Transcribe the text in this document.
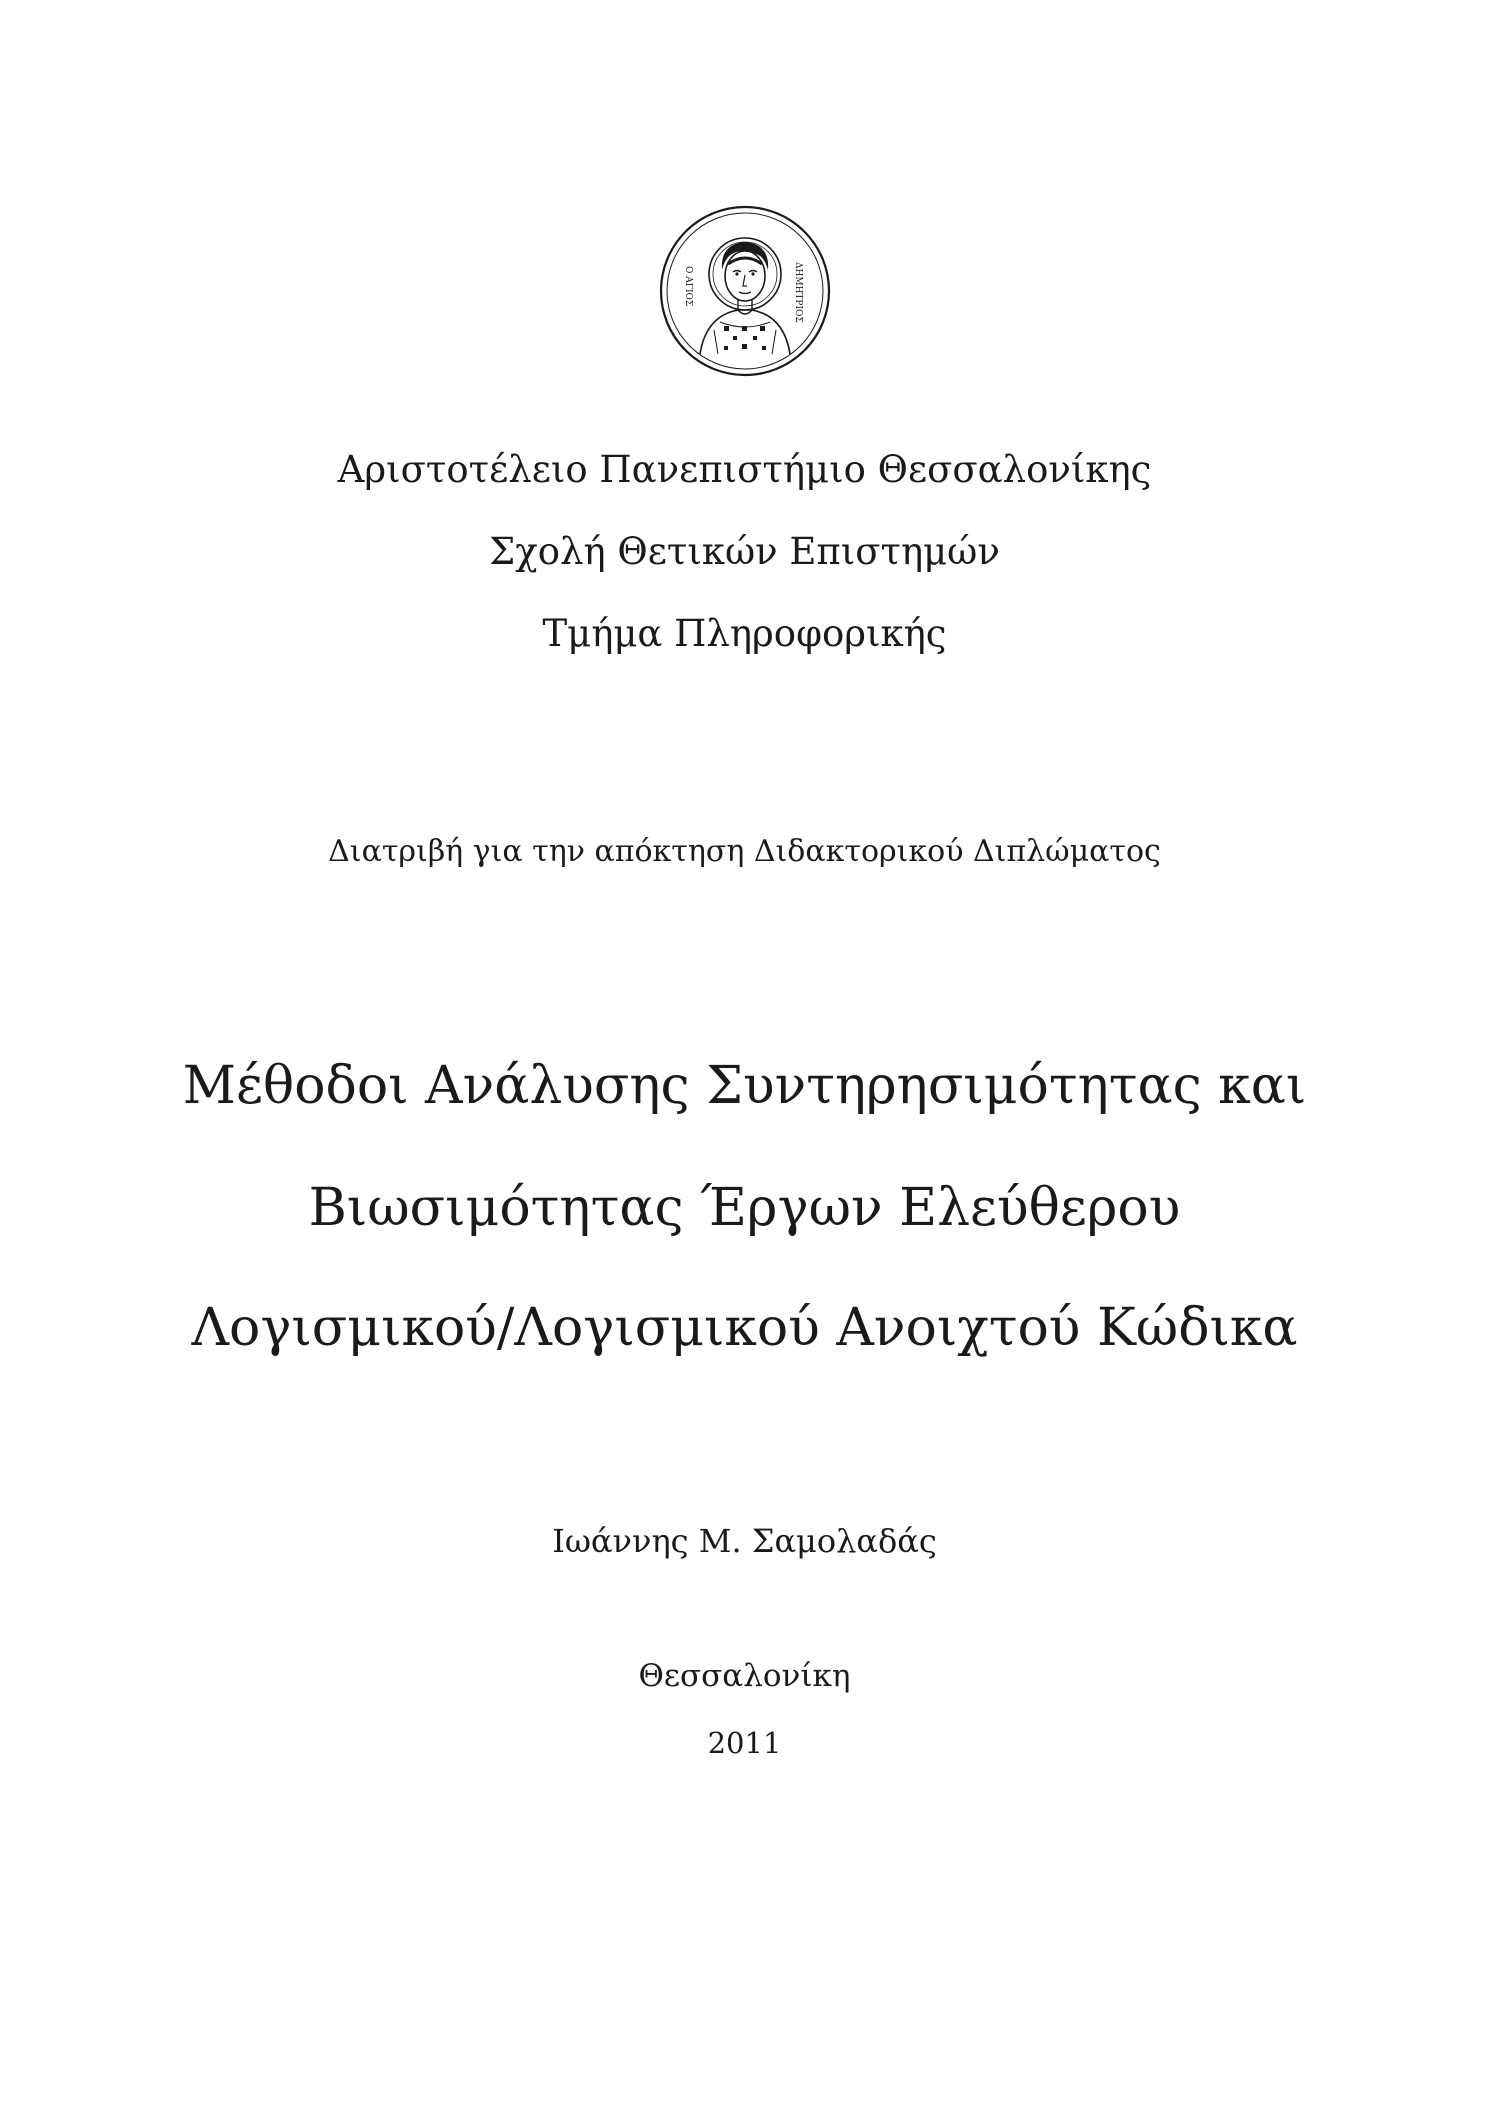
Ο ΑΓΙΟΣ	ΔΗΜΗΤΡΙΟΣ
Αριστοτέλειο Πανεπιστήμιο Θεσσαλονίκης
Σχολή Θετικών Επιστημών
Τμήμα Πληροφορικής
Διατριβή για την απόκτηση Διδακτορικού Διπλώματος
Μέθοδοι Ανάλυσης Συντηρησιμότητας και
Βιωσιμότητας Έργων Ελεύθερου
Λογισμικού/Λογισμικού Ανοιχτού Κώδικα
Ιωάννης Μ. Σαμολαδάς
Θεσσαλονίκη
2011
